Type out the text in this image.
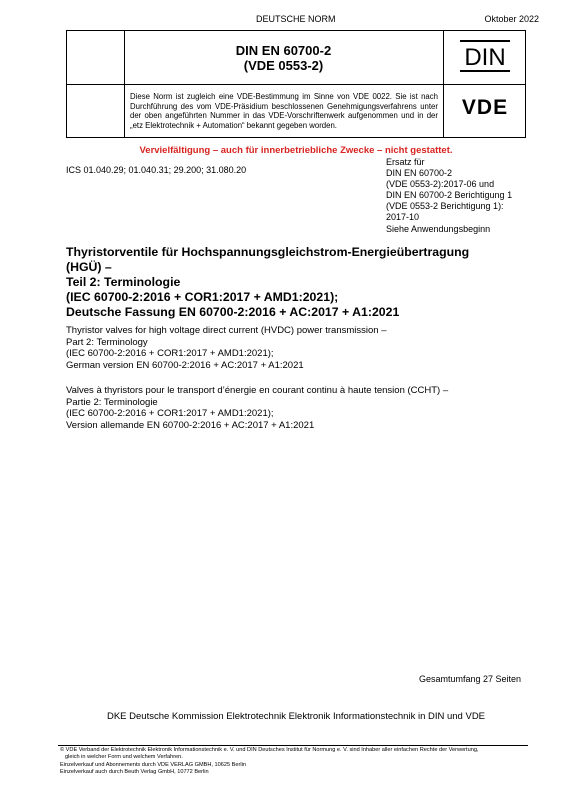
DEUTSCHE NORM	Oktober 2022
DIN EN 60700-2
(VDE 0553-2)	DIN
Diese Norm ist zugleich eine VDE-Bestimmung im Sinne von VDE 0022. Sie ist nach Durchführung des vom VDE-Präsidium beschlossenen Genehmigungsverfahrens unter der oben angeführten Nummer in das VDE-Vorschriftenwerk aufgenommen und in der „etz Elektrotechnik + Automation“ bekannt gegeben worden.
VDE
Vervielfältigung – auch für innerbetriebliche Zwecke – nicht gestattet.
ICS 01.040.29; 01.040.31; 29.200; 31.080.20
Ersatz für
DIN EN 60700-2
(VDE 0553-2):2017-06 und
DIN EN 60700-2 Berichtigung 1
(VDE 0553-2 Berichtigung 1):
2017-10
Siehe Anwendungsbeginn
Thyristorventile für Hochspannungsgleichstrom-Energieübertragung
(HGÜ) –
Teil 2: Terminologie
(IEC 60700-2:2016 + COR1:2017 + AMD1:2021);
Deutsche Fassung EN 60700-2:2016 + AC:2017 + A1:2021
Thyristor valves for high voltage direct current (HVDC) power transmission –
Part 2: Terminology
(IEC 60700-2:2016 + COR1:2017 + AMD1:2021);
German version EN 60700-2:2016 + AC:2017 + A1:2021
Valves à thyristors pour le transport d’énergie en courant continu à haute tension (CCHT) –
Partie 2: Terminologie
(IEC 60700-2:2016 + COR1:2017 + AMD1:2021);
Version allemande EN 60700-2:2016 + AC:2017 + A1:2021
Gesamtumfang 27 Seiten
DKE Deutsche Kommission Elektrotechnik Elektronik Informationstechnik in DIN und VDE
© VDE Verband der Elektrotechnik Elektronik Informationstechnik e. V. und DIN Deutsches Institut für Normung e. V. sind Inhaber aller einfachen Rechte der Verwertung,
gleich in welcher Form und welchem Verfahren.
Einzelverkauf und Abonnements durch VDE VERLAG GMBH, 10625 Berlin
Einzelverkauf auch durch Beuth Verlag GmbH, 10772 Berlin
